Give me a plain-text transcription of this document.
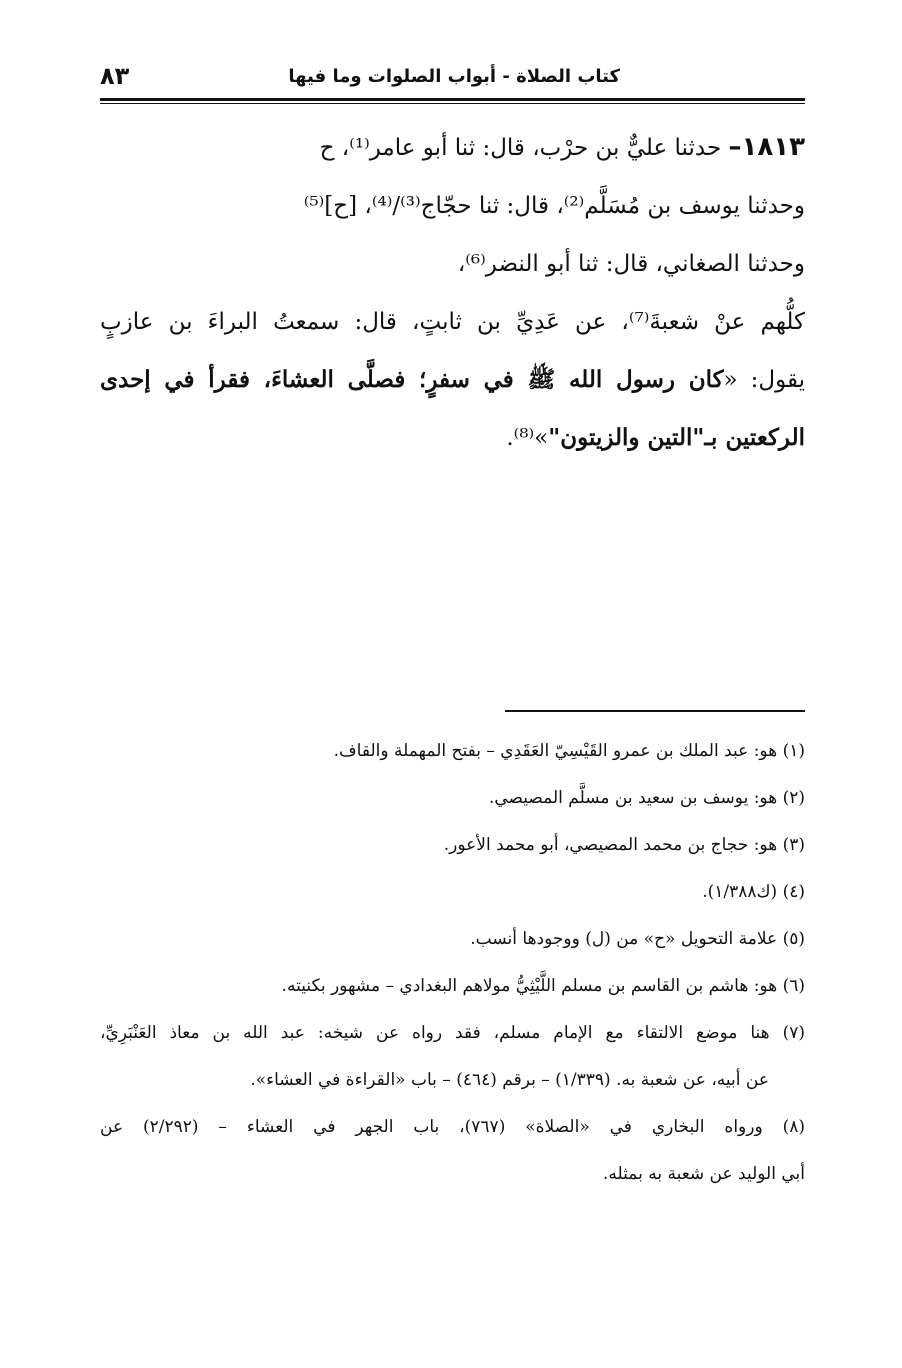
كتاب الصلاة - أبواب الصلوات وما فيها
٨٣

١٨١٣– حدثنا عليٌّ بن حرْب، قال: ثنا أبو عامر⁽¹⁾، ح

وحدثنا يوسف بن مُسَلَّم⁽²⁾، قال: ثنا حجّاج⁽³⁾/⁽⁴⁾، [ح]⁽⁵⁾

وحدثنا الصغاني، قال: ثنا أبو النضر⁽⁶⁾،

كلُّهم عنْ شعبةَ⁽⁷⁾، عن عَدِيِّ بن ثابتٍ، قال: سمعتُ البراءَ بن عازبٍ

يقول: «كان رسول الله ﷺ في سفرٍ؛ فصلَّى العشاءَ، فقرأ في إحدى

الركعتين بـ"التين والزيتون"»⁽⁸⁾.

(١) هو: عبد الملك بن عمرو القَيْسِيّ العَقَدِي – بفتح المهملة والقاف.

(٢) هو: يوسف بن سعيد بن مسلَّم المصيصي.

(٣) هو: حجاج بن محمد المصيصي، أبو محمد الأعور.

(٤) (ك١/٣٨٨).

(٥) علامة التحويل «ح» من (ل) ووجودها أنسب.

(٦) هو: هاشم بن القاسم بن مسلم اللَّيْثِيُّ مولاهم البغدادي – مشهور بكنيته.

(٧) هنا موضع الالتقاء مع الإمام مسلم، فقد رواه عن شيخه: عبد الله بن معاذ العَنْبَرِيِّ،

عن أبيه، عن شعبة به. (١/٣٣٩) – برقم (٤٦٤) – باب «القراءة في العشاء».

(٨) ورواه البخاري في «الصلاة» (٧٦٧)، باب الجهر في العشاء – (٢/٢٩٢) عن

أبي الوليد عن شعبة به بمثله.
